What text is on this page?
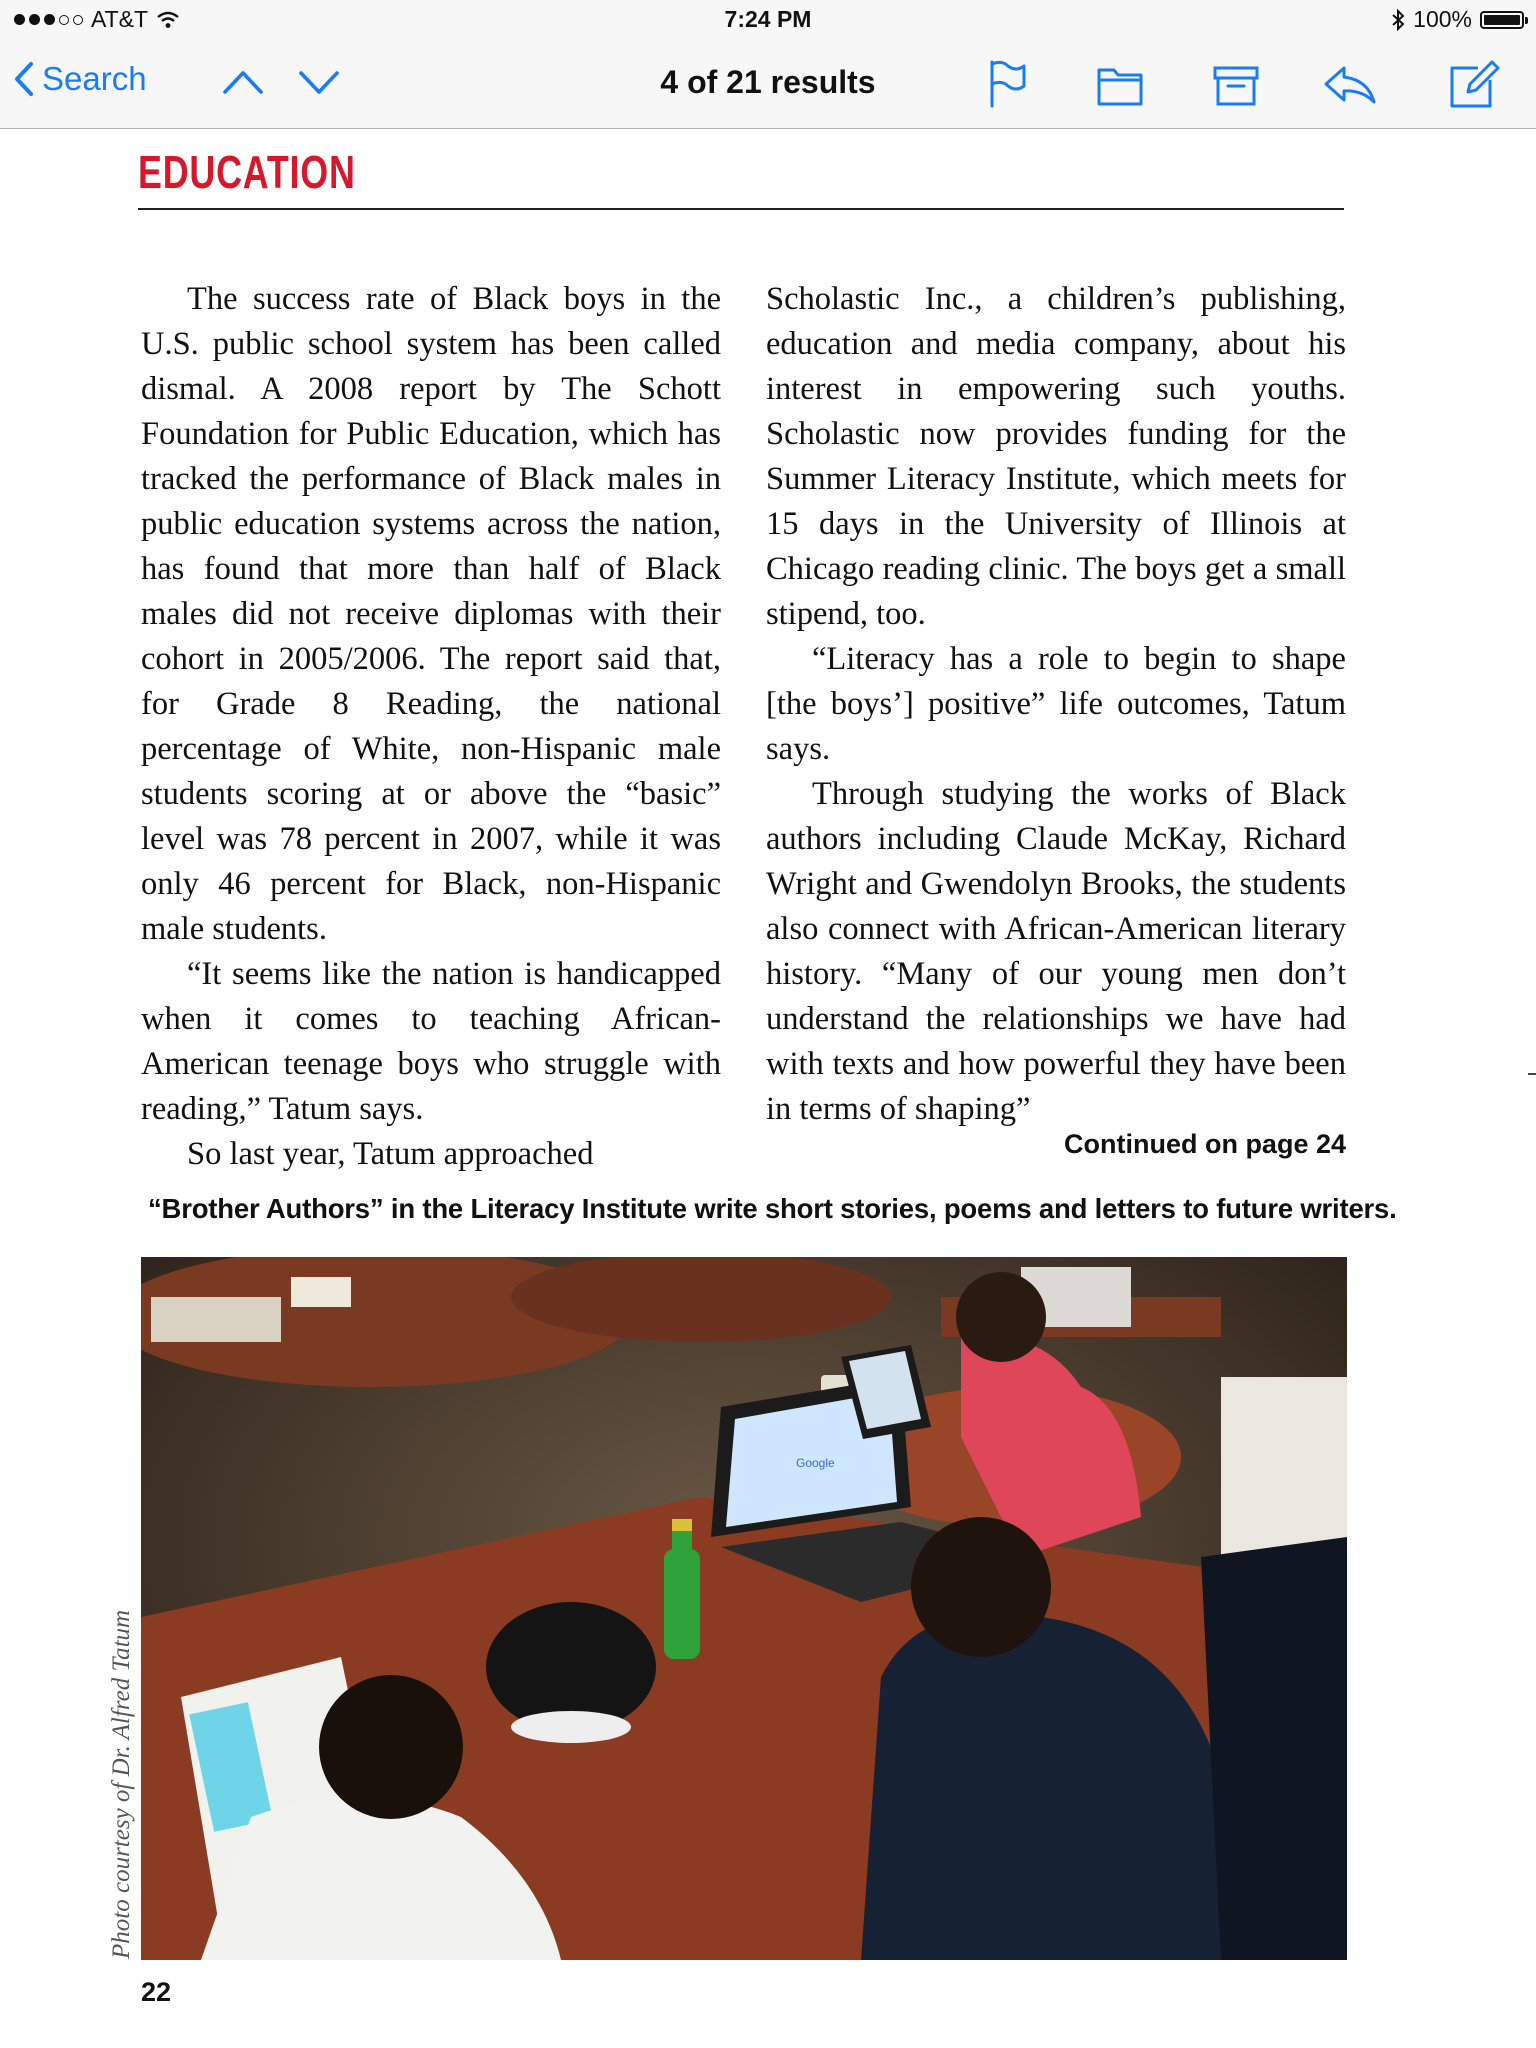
AT&T	7:24 PM	100%
Search	4 of 21 results
EDUCATION

The success rate of Black boys in the U.S. public school system has been called dismal. A 2008 report by The Schott Foundation for Public Education, which has tracked the performance of Black males in public education systems across the nation, has found that more than half of Black males did not receive diplomas with their cohort in 2005/2006. The report said that, for Grade 8 Reading, the national percentage of White, non-Hispanic male students scoring at or above the “basic” level was 78 percent in 2007, while it was only 46 percent for Black, non-Hispanic male students.

“It seems like the nation is handicapped when it comes to teaching African-American teenage boys who struggle with reading,” Tatum says.

So last year, Tatum approached

Scholastic Inc., a children’s publishing, education and media company, about his interest in empowering such youths. Scholastic now provides funding for the Summer Literacy Institute, which meets for 15 days in the University of Illinois at Chicago reading clinic. The boys get a small stipend, too.

“Literacy has a role to begin to shape [the boys’] positive” life outcomes, Tatum says.

Through studying the works of Black authors including Claude McKay, Richard Wright and Gwendolyn Brooks, the students also connect with African-American literary history. “Many of our young men don’t understand the relationships we have had with texts and how powerful they have been in terms of shaping”

Continued on page 24
“Brother Authors” in the Literacy Institute write short stories, poems and letters to future writers.
Google
Photo courtesy of Dr. Alfred Tatum
22
